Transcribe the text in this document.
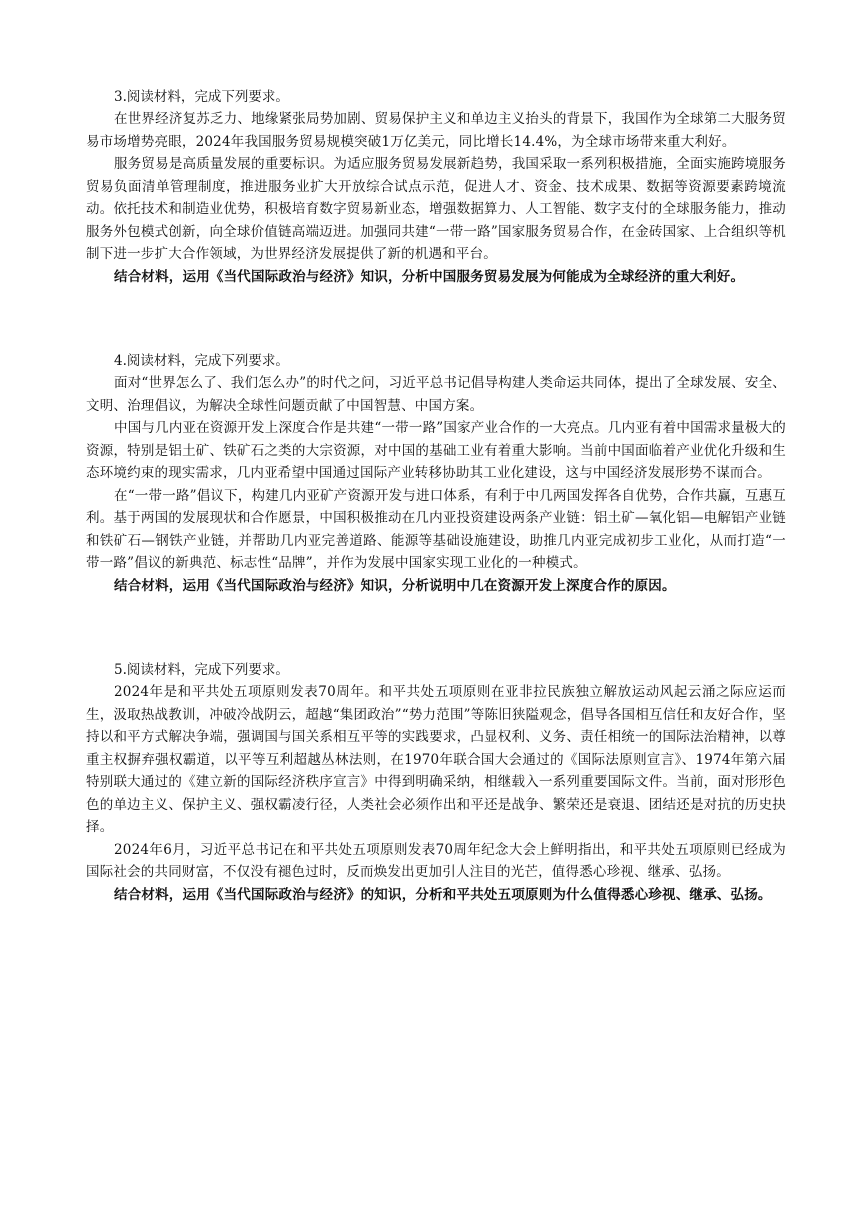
3.阅读材料，完成下列要求。

在世界经济复苏乏力、地缘紧张局势加剧、贸易保护主义和单边主义抬头的背景下，我国作为全球第二大服务贸易市场增势亮眼，2024年我国服务贸易规模突破1万亿美元，同比增长14.4%，为全球市场带来重大利好。

服务贸易是高质量发展的重要标识。为适应服务贸易发展新趋势，我国采取一系列积极措施，全面实施跨境服务贸易负面清单管理制度，推进服务业扩大开放综合试点示范，促进人才、资金、技术成果、数据等资源要素跨境流动。依托技术和制造业优势，积极培育数字贸易新业态，增强数据算力、人工智能、数字支付的全球服务能力，推动服务外包模式创新，向全球价值链高端迈进。加强同共建“一带一路”国家服务贸易合作，在金砖国家、上合组织等机制下进一步扩大合作领域，为世界经济发展提供了新的机遇和平台。

结合材料，运用《当代国际政治与经济》知识，分析中国服务贸易发展为何能成为全球经济的重大利好。

4.阅读材料，完成下列要求。

面对“世界怎么了、我们怎么办”的时代之问，习近平总书记倡导构建人类命运共同体，提出了全球发展、安全、文明、治理倡议，为解决全球性问题贡献了中国智慧、中国方案。

中国与几内亚在资源开发上深度合作是共建“一带一路”国家产业合作的一大亮点。几内亚有着中国需求量极大的资源，特别是铝土矿、铁矿石之类的大宗资源，对中国的基础工业有着重大影响。当前中国面临着产业优化升级和生态环境约束的现实需求，几内亚希望中国通过国际产业转移协助其工业化建设，这与中国经济发展形势不谋而合。

在“一带一路”倡议下，构建几内亚矿产资源开发与进口体系，有利于中几两国发挥各自优势，合作共赢，互惠互利。基于两国的发展现状和合作愿景，中国积极推动在几内亚投资建设两条产业链：铝土矿—氧化铝—电解铝产业链和铁矿石—钢铁产业链，并帮助几内亚完善道路、能源等基础设施建设，助推几内亚完成初步工业化，从而打造“一带一路”倡议的新典范、标志性“品牌”，并作为发展中国家实现工业化的一种模式。

结合材料，运用《当代国际政治与经济》知识，分析说明中几在资源开发上深度合作的原因。

5.阅读材料，完成下列要求。

2024年是和平共处五项原则发表70周年。和平共处五项原则在亚非拉民族独立解放运动风起云涌之际应运而生，汲取热战教训，冲破冷战阴云，超越“集团政治”“势力范围”等陈旧狭隘观念，倡导各国相互信任和友好合作，坚持以和平方式解决争端，强调国与国关系相互平等的实践要求，凸显权利、义务、责任相统一的国际法治精神，以尊重主权摒弃强权霸道，以平等互利超越丛林法则，在1970年联合国大会通过的《国际法原则宣言》、1974年第六届特别联大通过的《建立新的国际经济秩序宣言》中得到明确采纳，相继载入一系列重要国际文件。当前，面对形形色色的单边主义、保护主义、强权霸凌行径，人类社会必须作出和平还是战争、繁荣还是衰退、团结还是对抗的历史抉择。

2024年6月，习近平总书记在和平共处五项原则发表70周年纪念大会上鲜明指出，和平共处五项原则已经成为国际社会的共同财富，不仅没有褪色过时，反而焕发出更加引人注目的光芒，值得悉心珍视、继承、弘扬。

结合材料，运用《当代国际政治与经济》的知识，分析和平共处五项原则为什么值得悉心珍视、继承、弘扬。
